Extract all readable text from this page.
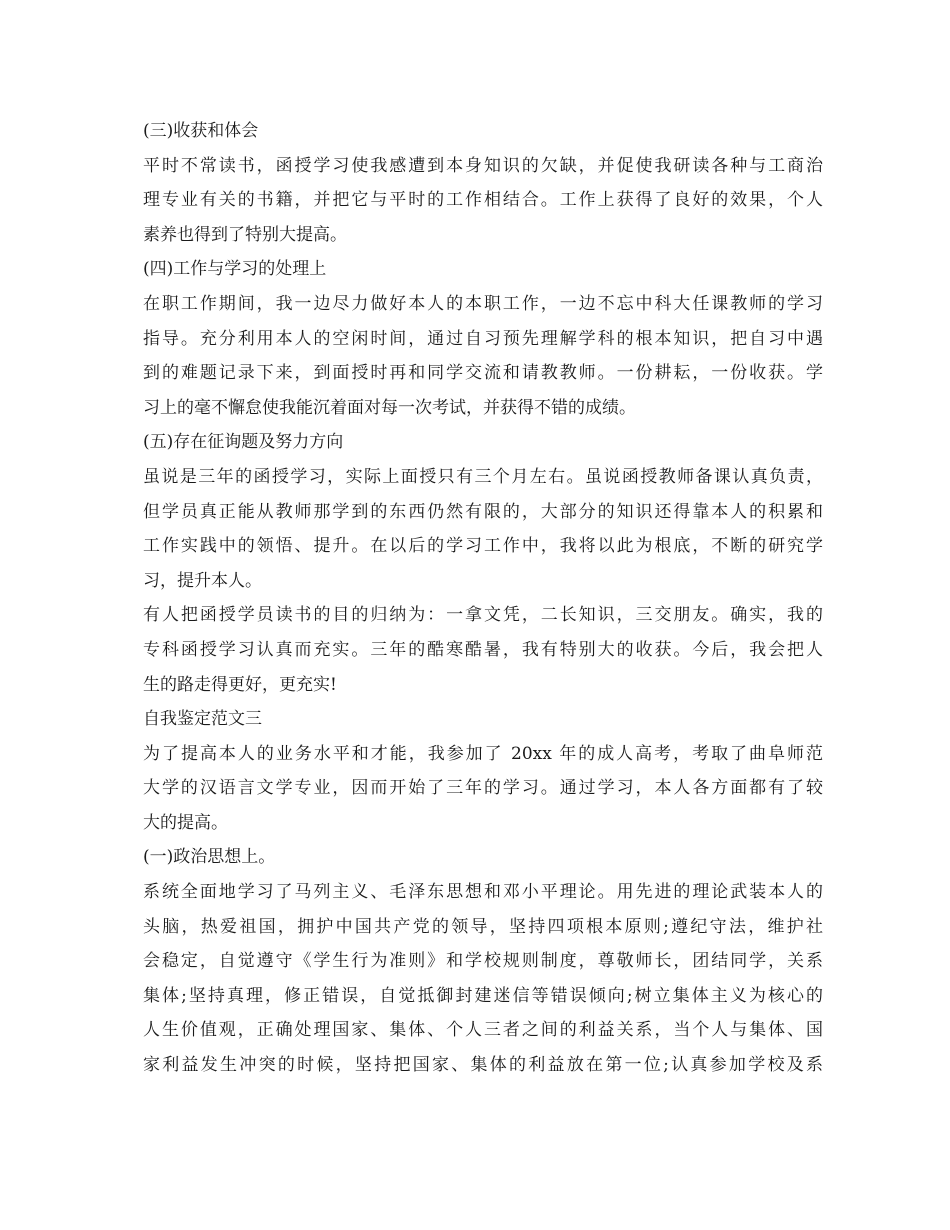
(三)收获和体会
平时不常读书，函授学习使我感遭到本身知识的欠缺，并促使我研读各种与工商治
理专业有关的书籍，并把它与平时的工作相结合。工作上获得了良好的效果，个人
素养也得到了特别大提高。
(四)工作与学习的处理上
在职工作期间，我一边尽力做好本人的本职工作，一边不忘中科大任课教师的学习
指导。充分利用本人的空闲时间，通过自习预先理解学科的根本知识，把自习中遇
到的难题记录下来，到面授时再和同学交流和请教教师。一份耕耘，一份收获。学
习上的毫不懈怠使我能沉着面对每一次考试，并获得不错的成绩。
(五)存在征询题及努力方向
虽说是三年的函授学习，实际上面授只有三个月左右。虽说函授教师备课认真负责，
但学员真正能从教师那学到的东西仍然有限的，大部分的知识还得靠本人的积累和
工作实践中的领悟、提升。在以后的学习工作中，我将以此为根底，不断的研究学
习，提升本人。
有人把函授学员读书的目的归纳为：一拿文凭，二长知识，三交朋友。确实，我的
专科函授学习认真而充实。三年的酷寒酷暑，我有特别大的收获。今后，我会把人
生的路走得更好，更充实!
自我鉴定范文三
为了提高本人的业务水平和才能，我参加了 20xx 年的成人高考，考取了曲阜师范
大学的汉语言文学专业，因而开始了三年的学习。通过学习，本人各方面都有了较
大的提高。
(一)政治思想上。
系统全面地学习了马列主义、毛泽东思想和邓小平理论。用先进的理论武装本人的
头脑，热爱祖国，拥护中国共产党的领导，坚持四项根本原则;遵纪守法，维护社
会稳定，自觉遵守《学生行为准则》和学校规则制度，尊敬师长，团结同学，关系
集体;坚持真理，修正错误，自觉抵御封建迷信等错误倾向;树立集体主义为核心的
人生价值观，正确处理国家、集体、个人三者之间的利益关系，当个人与集体、国
家利益发生冲突的时候，坚持把国家、集体的利益放在第一位;认真参加学校及系
